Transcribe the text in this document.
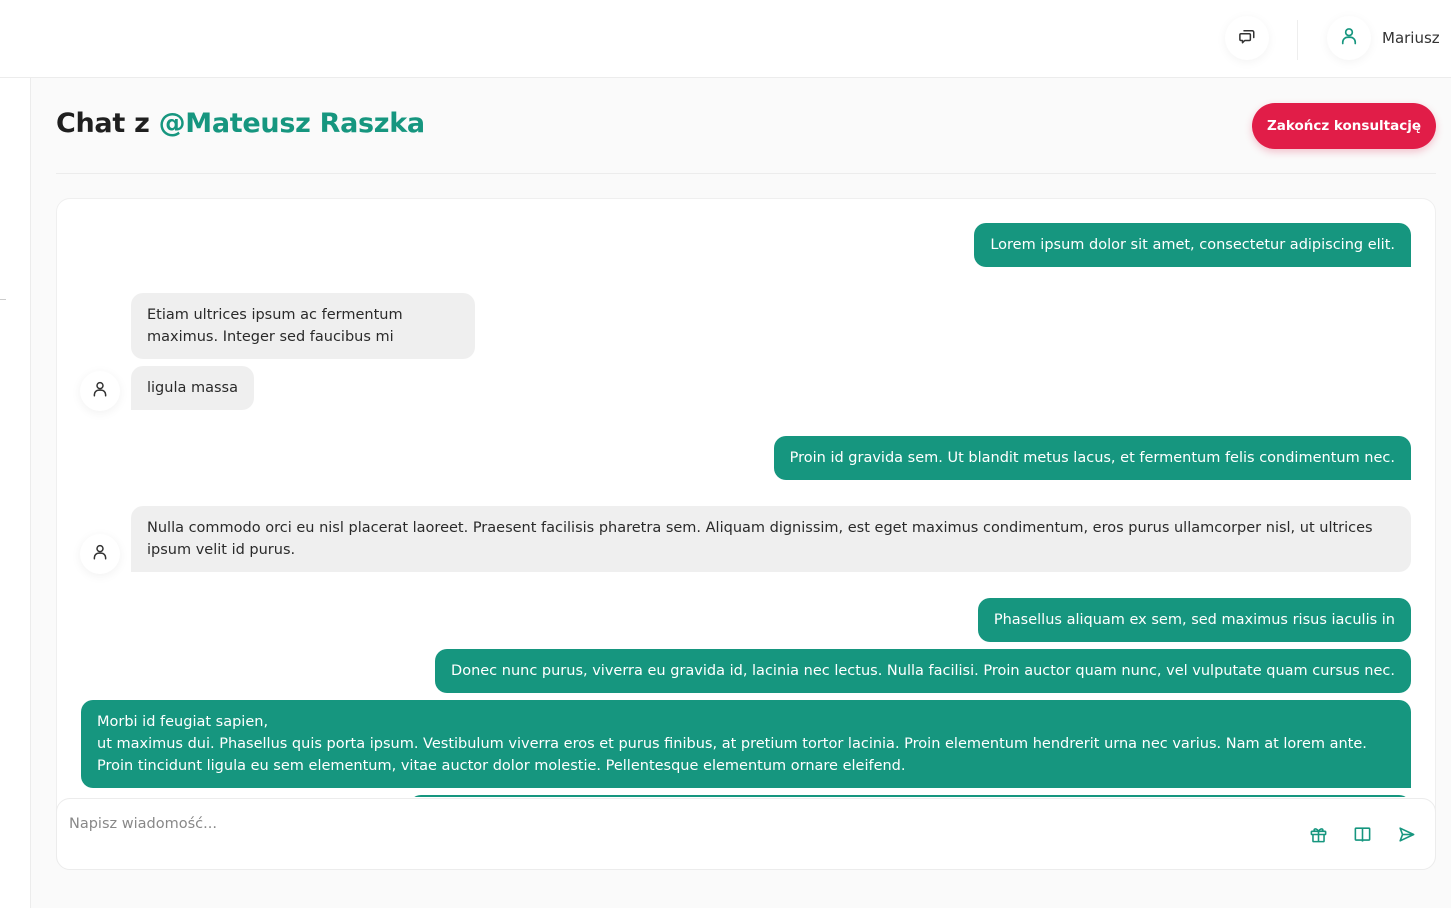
Mariusz
Chat z @Mateusz Raszka	Zakończ konsultację
Lorem ipsum dolor sit amet, consectetur adipiscing elit.
Etiam ultrices ipsum ac fermentum maximus. Integer sed faucibus mi
ligula massa
Proin id gravida sem. Ut blandit metus lacus, et fermentum felis condimentum nec.
Nulla commodo orci eu nisl placerat laoreet. Praesent facilisis pharetra sem. Aliquam dignissim, est eget maximus condimentum, eros purus ullamcorper nisl, ut ultrices ipsum velit id purus.
Phasellus aliquam ex sem, sed maximus risus iaculis in
Donec nunc purus, viverra eu gravida id, lacinia nec lectus. Nulla facilisi. Proin auctor quam nunc, vel vulputate quam cursus nec.
Morbi id feugiat sapien,
ut maximus dui. Phasellus quis porta ipsum. Vestibulum viverra eros et purus finibus, at pretium tortor lacinia. Proin elementum hendrerit urna nec varius. Nam at lorem ante. Proin tincidunt ligula eu sem elementum, vitae auctor dolor molestie. Pellentesque elementum ornare eleifend.
Napisz wiadomość...
